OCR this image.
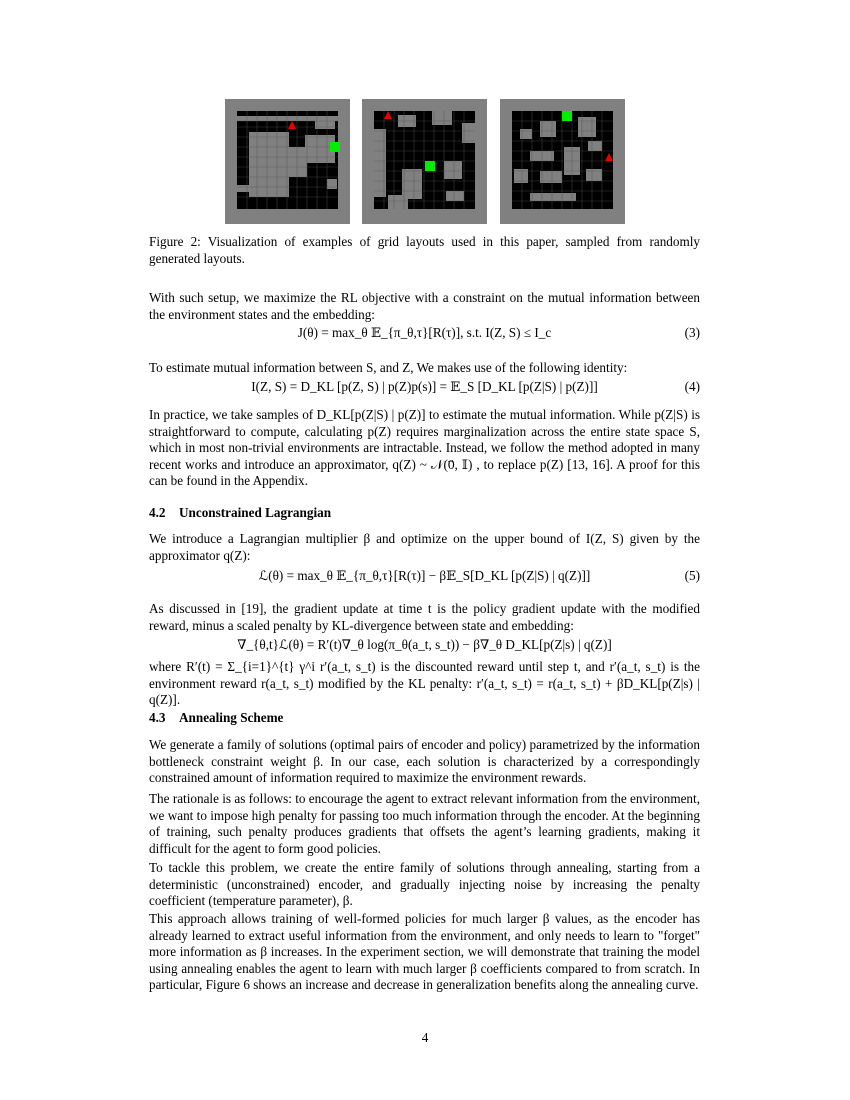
Figure 2: Visualization of examples of grid layouts used in this paper, sampled from randomly generated layouts.
With such setup, we maximize the RL objective with a constraint on the mutual information between the environment states and the embedding:
J(θ) = max_θ 𝔼_{π_θ,τ}[R(τ)], s.t. I(Z, S) ≤ I_c	(3)
To estimate mutual information between S, and Z, We makes use of the following identity:
I(Z, S) = D_KL [p(Z, S) | p(Z)p(s)] = 𝔼_S [D_KL [p(Z|S) | p(Z)]]	(4)
In practice, we take samples of D_KL[p(Z|S) | p(Z)] to estimate the mutual information. While p(Z|S) is straightforward to compute, calculating p(Z) requires marginalization across the entire state space S, which in most non-trivial environments are intractable. Instead, we follow the method adopted in many recent works and introduce an approximator, q(Z) ~ 𝒩(0⃗, 𝕀) , to replace p(Z) [13, 16]. A proof for this can be found in the Appendix.
4.2 Unconstrained Lagrangian
We introduce a Lagrangian multiplier β and optimize on the upper bound of I(Z, S) given by the approximator q(Z):
ℒ(θ) = max_θ 𝔼_{π_θ,τ}[R(τ)] − β𝔼_S[D_KL [p(Z|S) | q(Z)]]	(5)
As discussed in [19], the gradient update at time t is the policy gradient update with the modified reward, minus a scaled penalty by KL-divergence between state and embedding:
∇_{θ,t}ℒ(θ) = R′(t)∇_θ log(π_θ(a_t, s_t)) − β∇_θ D_KL[p(Z|s) | q(Z)]
where R′(t) = Σ_{i=1}^{t} γ^i r′(a_t, s_t) is the discounted reward until step t, and r′(a_t, s_t) is the environment reward r(a_t, s_t) modified by the KL penalty: r′(a_t, s_t) = r(a_t, s_t) + βD_KL[p(Z|s) | q(Z)].
4.3 Annealing Scheme
We generate a family of solutions (optimal pairs of encoder and policy) parametrized by the information bottleneck constraint weight β. In our case, each solution is characterized by a correspondingly constrained amount of information required to maximize the environment rewards.
The rationale is as follows: to encourage the agent to extract relevant information from the environment, we want to impose high penalty for passing too much information through the encoder. At the beginning of training, such penalty produces gradients that offsets the agent’s learning gradients, making it difficult for the agent to form good policies.
To tackle this problem, we create the entire family of solutions through annealing, starting from a deterministic (unconstrained) encoder, and gradually injecting noise by increasing the penalty coefficient (temperature parameter), β.
This approach allows training of well-formed policies for much larger β values, as the encoder has already learned to extract useful information from the environment, and only needs to learn to "forget" more information as β increases. In the experiment section, we will demonstrate that training the model using annealing enables the agent to learn with much larger β coefficients compared to from scratch. In particular, Figure 6 shows an increase and decrease in generalization benefits along the annealing curve.
4
